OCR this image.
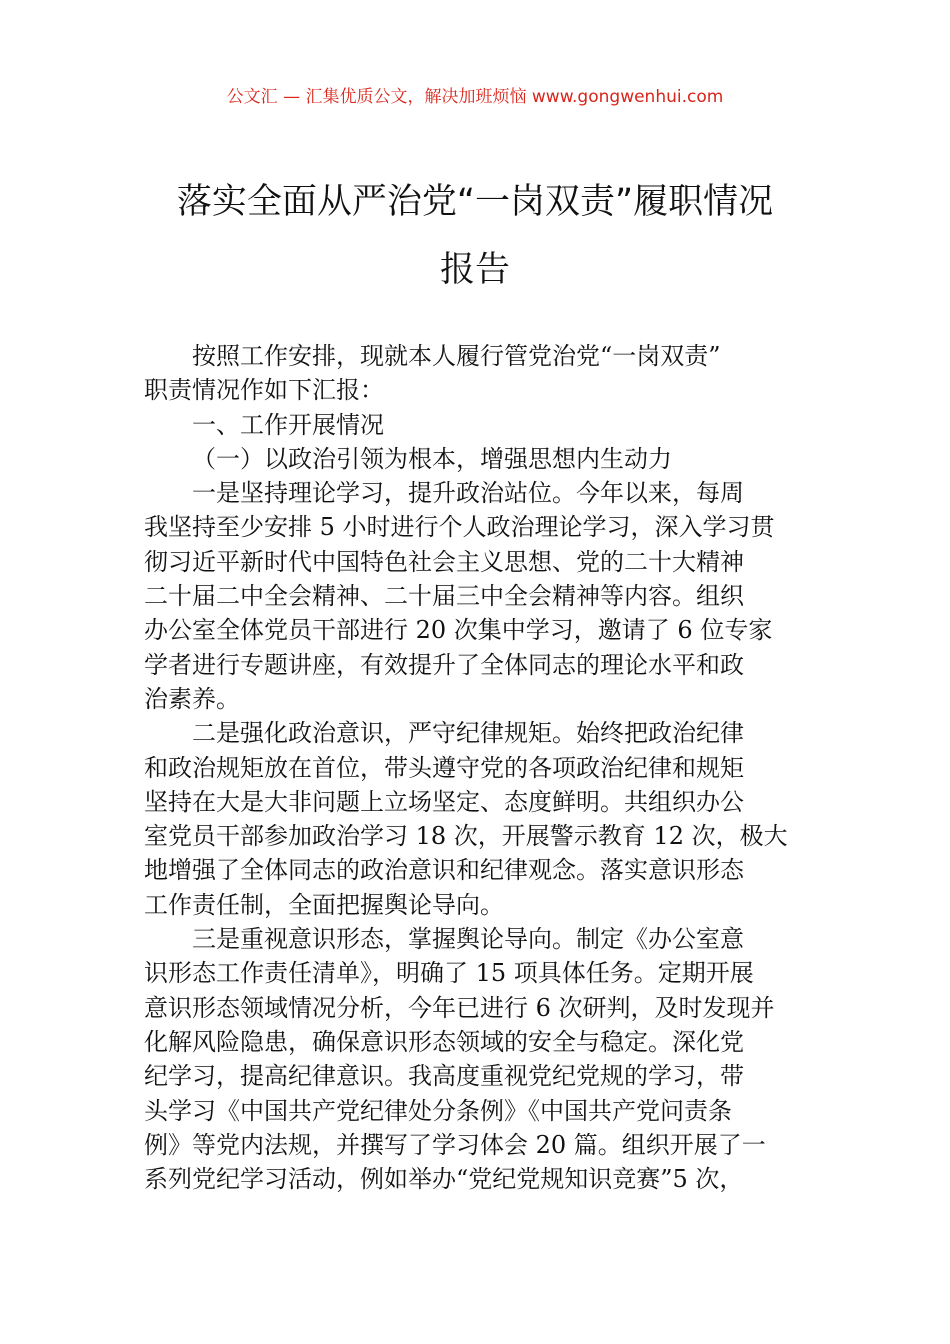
公文汇 — 汇集优质公文，解决加班烦恼 www.gongwenhui.com
落实全面从严治党“一岗双责”履职情况
报告
按照工作安排，现就本人履行管党治党“一岗双责”
职责情况作如下汇报：
一、工作开展情况
（一）以政治引领为根本，增强思想内生动力
一是坚持理论学习，提升政治站位。今年以来，每周
我坚持至少安排 5 小时进行个人政治理论学习，深入学习贯
彻习近平新时代中国特色社会主义思想、党的二十大精神
二十届二中全会精神、二十届三中全会精神等内容。组织
办公室全体党员干部进行 20 次集中学习，邀请了 6 位专家
学者进行专题讲座，有效提升了全体同志的理论水平和政
治素养。
二是强化政治意识，严守纪律规矩。始终把政治纪律
和政治规矩放在首位，带头遵守党的各项政治纪律和规矩
坚持在大是大非问题上立场坚定、态度鲜明。共组织办公
室党员干部参加政治学习 18 次，开展警示教育 12 次，极大
地增强了全体同志的政治意识和纪律观念。落实意识形态
工作责任制，全面把握舆论导向。
三是重视意识形态，掌握舆论导向。制定《办公室意
识形态工作责任清单》，明确了 15 项具体任务。定期开展
意识形态领域情况分析，今年已进行 6 次研判，及时发现并
化解风险隐患，确保意识形态领域的安全与稳定。深化党
纪学习，提高纪律意识。我高度重视党纪党规的学习，带
头学习《中国共产党纪律处分条例》《中国共产党问责条
例》等党内法规，并撰写了学习体会 20 篇。组织开展了一
系列党纪学习活动，例如举办“党纪党规知识竞赛”5 次，
